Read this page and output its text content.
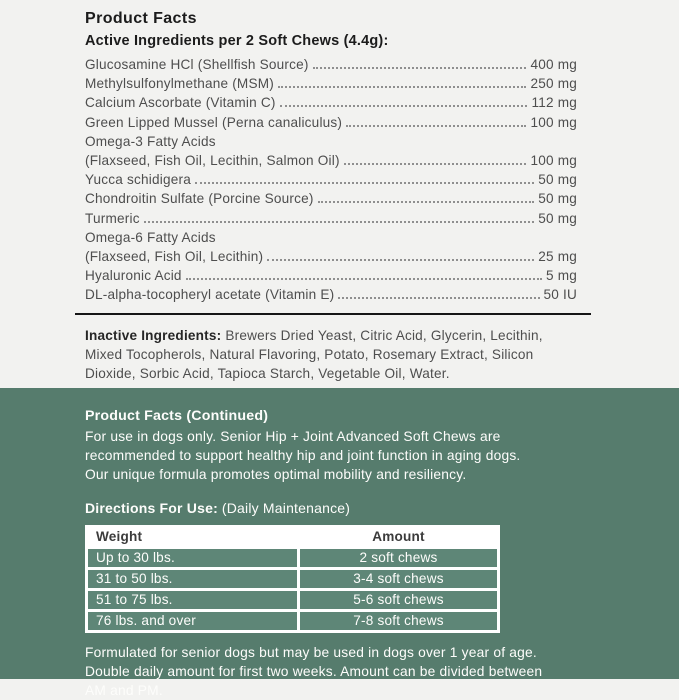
Product Facts
Active Ingredients per 2 Soft Chews (4.4g):
Glucosamine HCl (Shellfish Source)	400 mg
Methylsulfonylmethane (MSM)	250 mg
Calcium Ascorbate (Vitamin C)	112 mg
Green Lipped Mussel (Perna canaliculus)	100 mg
Omega-3 Fatty Acids
(Flaxseed, Fish Oil, Lecithin, Salmon Oil)	100 mg
Yucca schidigera	50 mg
Chondroitin Sulfate (Porcine Source)	50 mg
Turmeric	50 mg
Omega-6 Fatty Acids
(Flaxseed, Fish Oil, Lecithin)	25 mg
Hyaluronic Acid	5 mg
DL-alpha-tocopheryl acetate (Vitamin E)	50 IU

Inactive Ingredients: Brewers Dried Yeast, Citric Acid, Glycerin, Lecithin,
Mixed Tocopherols, Natural Flavoring, Potato, Rosemary Extract, Silicon
Dioxide, Sorbic Acid, Tapioca Starch, Vegetable Oil, Water.

Product Facts (Continued)
For use in dogs only. Senior Hip + Joint Advanced Soft Chews are
recommended to support healthy hip and joint function in aging dogs.
Our unique formula promotes optimal mobility and resiliency.
Directions For Use: (Daily Maintenance)
Weight	Amount
Up to 30 lbs.	2 soft chews
31 to 50 lbs.	3-4 soft chews
51 to 75 lbs.	5-6 soft chews
76 lbs. and over	7-8 soft chews
Formulated for senior dogs but may be used in dogs over 1 year of age.
Double daily amount for first two weeks. Amount can be divided between
AM and PM.
